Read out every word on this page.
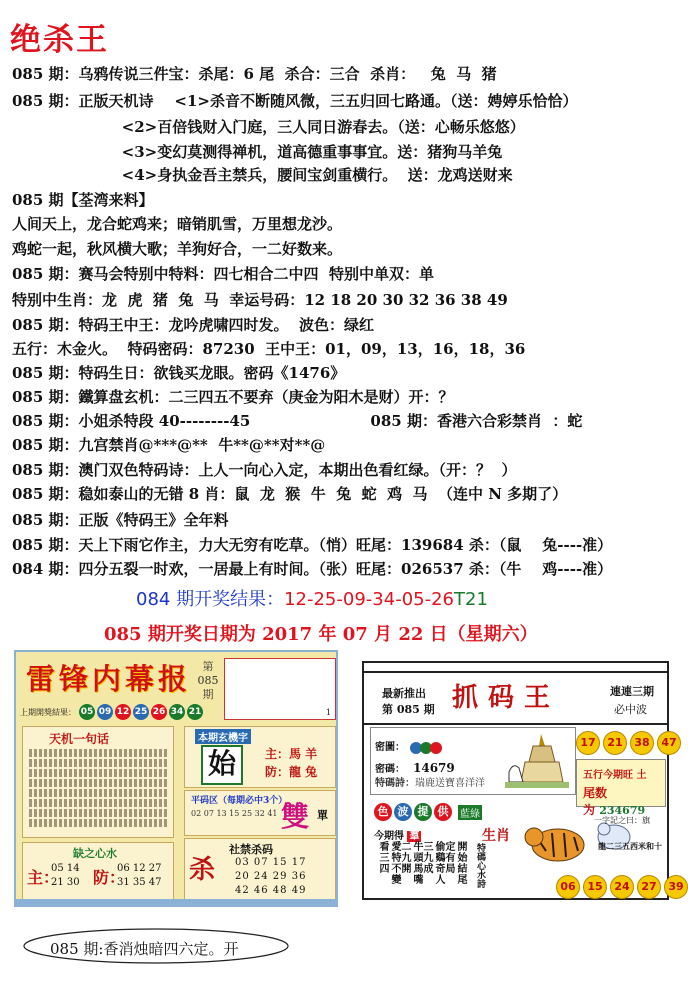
绝杀王
085 期：乌鸦传说三件宝：杀尾：6 尾  杀合：三合  杀肖：   兔  马  猪
085 期：正版天机诗    <1>杀音不断随风微，三五归回七路通。（送：娉婷乐恰恰）
<2>百倍钱财入门庭，三人同日游春去。（送：心畅乐悠悠）
<3>变幻莫测得禅机，道高德重事事宜。送：猪狗马羊兔
<4>身执金吾主禁兵，腰间宝剑重横行。  送：龙鸡送财来
085 期【荃湾来料】
人间天上，龙合蛇鸡来；暗销肌雪，万里想龙沙。
鸡蛇一起，秋风横大歌；羊狗好合，一二好数来。
085 期：赛马会特别中特料：四七相合二中四  特别中单双：单
特别中生肖：龙  虎  猪  兔  马  幸运号码：12 18 20 30 32 36 38 49
085 期：特码王中王：龙吟虎啸四时发。  波色：绿红
五行：木金火。  特码密码：87230  王中王：01，09，13，16，18，36
085 期：特码生日：欲钱买龙眼。密码《1476》
085 期：鐵算盘玄机：二三四五不要弃（庚金为阳木是财）开：？
085 期：小姐杀特段 40--------45                       085 期：香港六合彩禁肖  ：蛇
085 期：九宫禁肖@***@**  牛**@**对**@
085 期：澳门双色特码诗：上人一向心入定，本期出色看红绿。（开：？  ）
085 期：稳如泰山的无错 8 肖：鼠  龙  猴  牛  兔  蛇  鸡  马  （连中 N 多期了）
085 期：正版《特码王》全年料
085 期：天上下雨它作主，力大无穷有吃草。（悄）旺尾：139684 杀：（鼠    兔----准）
084 期：四分五裂一时欢，一居最上有时间。（张）旺尾：026537 杀：（牛    鸡----准）
084 期开奖结果：12-25-09-34-05-26T21
085 期开奖日期为 2017 年 07 月 22 日（星期六）
雷锋内幕报	第
085
期
1
上期開獎結果： 05 09 12 25 26 34 21
天机一句话
缺之心水
主： 防：
05 14
21 30
06 12 27
31 35 47
本期玄機字
始	主：馬 羊
防：龍 兔
平码区（每期必中3个）
02 07 13 15 25 32 41 雙 單
社禁杀码
杀 03 07 15 17
20 24 29 36
42 46 48 49
最新推出
第 085 期 抓码王	連連三期
必中波
密圖：
密碼： 14679
特碼詩：瑞鹿送寶喜洋洋
17	21	38	47
五行今期旺 土
尾数为 234679
色 波 提 供	藍綠
今期得 羣
愛特不變看三四	牛頭馬嘴二九開	偷鷄奇人三九成	開始結尾定有局
生肖
特碼心水詩
一字記之曰：旗
龍二三五西米和十
06	15	24	27	39
085 期:香消烛暗四六定。开
